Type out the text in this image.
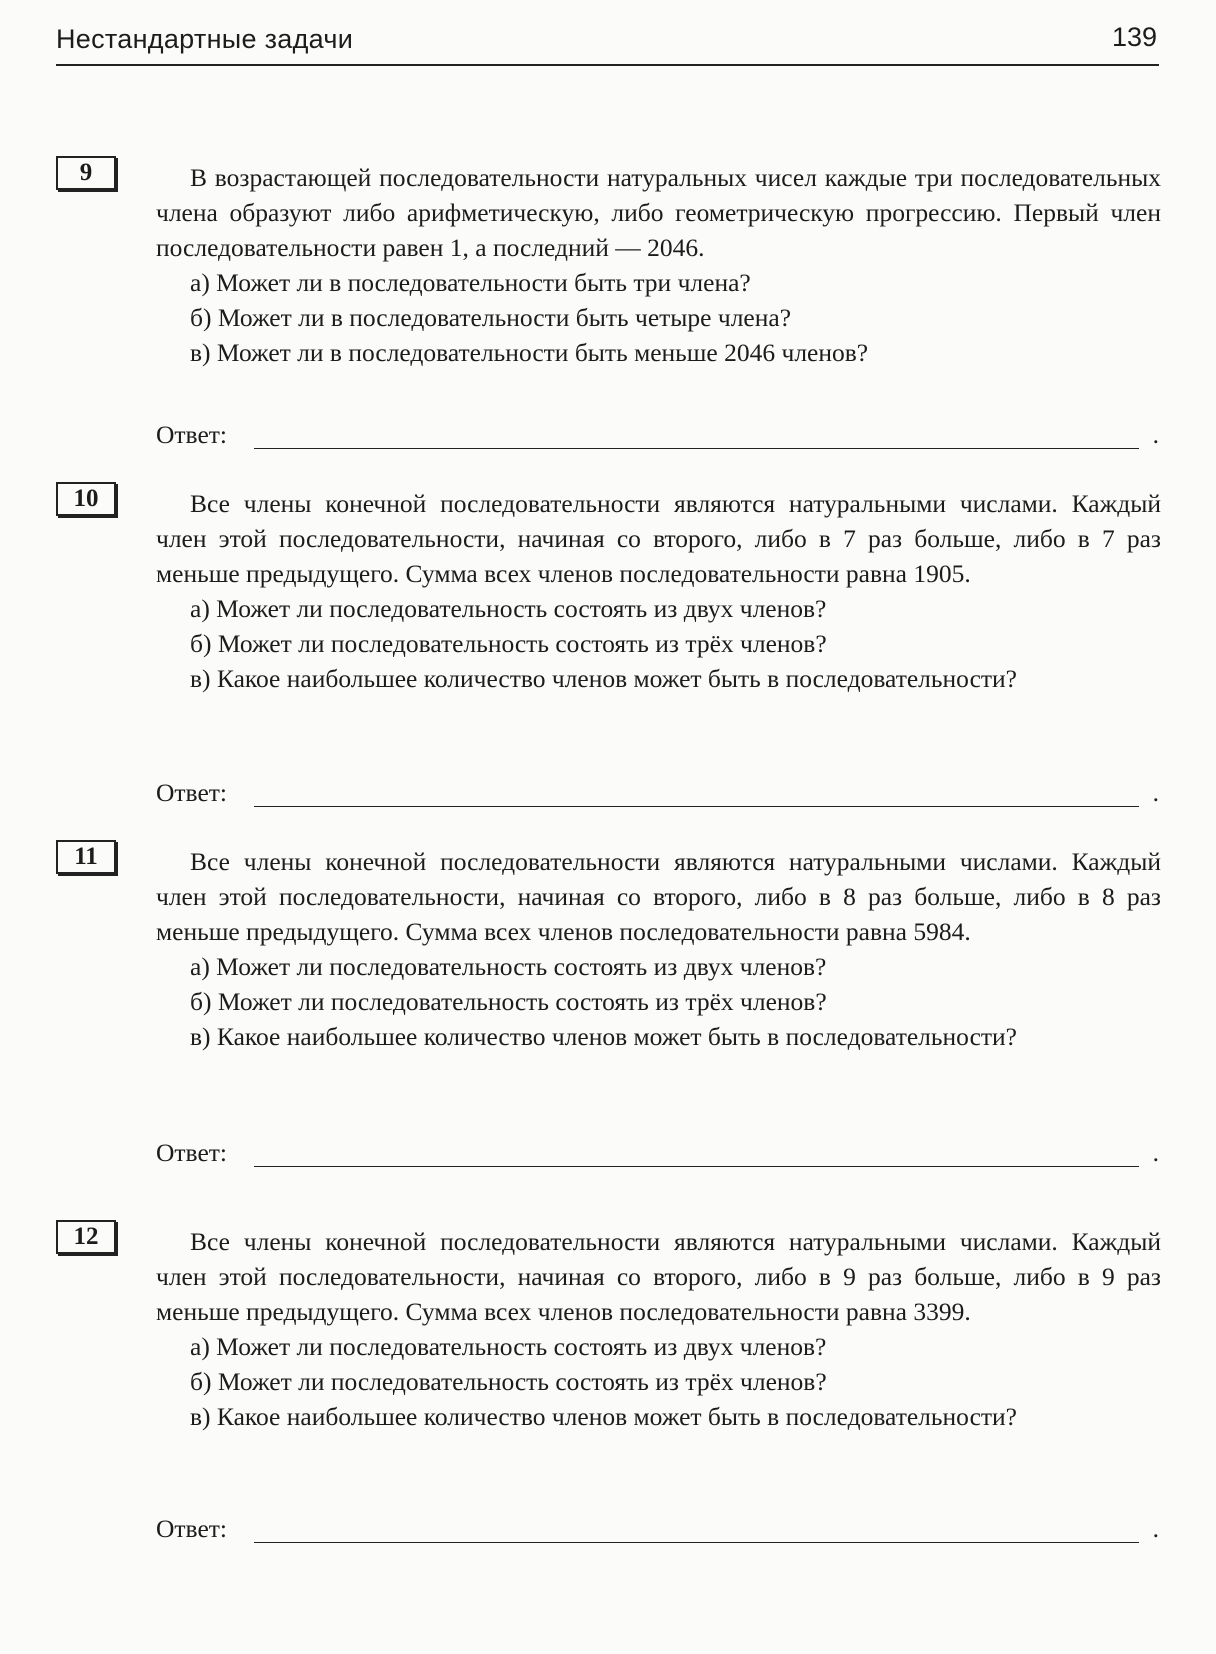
Нестандартные задачи	139
9	В возрастающей последовательности натуральных чисел каждые три последовательных члена образуют либо арифметическую, либо геометрическую прогрессию. Первый член последовательности равен 1, а последний — 2046.

а) Может ли в последовательности быть три члена?

б) Может ли в последовательности быть четыре члена?

в) Может ли в последовательности быть меньше 2046 членов?

Ответ:	.
10	Все члены конечной последовательности являются натуральными числами. Каждый член этой последовательности, начиная со второго, либо в 7 раз больше, либо в 7 раз меньше предыдущего. Сумма всех членов последовательности равна 1905.

а) Может ли последовательность состоять из двух членов?

б) Может ли последовательность состоять из трёх членов?

в) Какое наибольшее количество членов может быть в последовательности?

Ответ:	.
11	Все члены конечной последовательности являются натуральными числами. Каждый член этой последовательности, начиная со второго, либо в 8 раз больше, либо в 8 раз меньше предыдущего. Сумма всех членов последовательности равна 5984.

а) Может ли последовательность состоять из двух членов?

б) Может ли последовательность состоять из трёх членов?

в) Какое наибольшее количество членов может быть в последовательности?

Ответ:	.
12	Все члены конечной последовательности являются натуральными числами. Каждый член этой последовательности, начиная со второго, либо в 9 раз больше, либо в 9 раз меньше предыдущего. Сумма всех членов последовательности равна 3399.

а) Может ли последовательность состоять из двух членов?

б) Может ли последовательность состоять из трёх членов?

в) Какое наибольшее количество членов может быть в последовательности?

Ответ:	.
